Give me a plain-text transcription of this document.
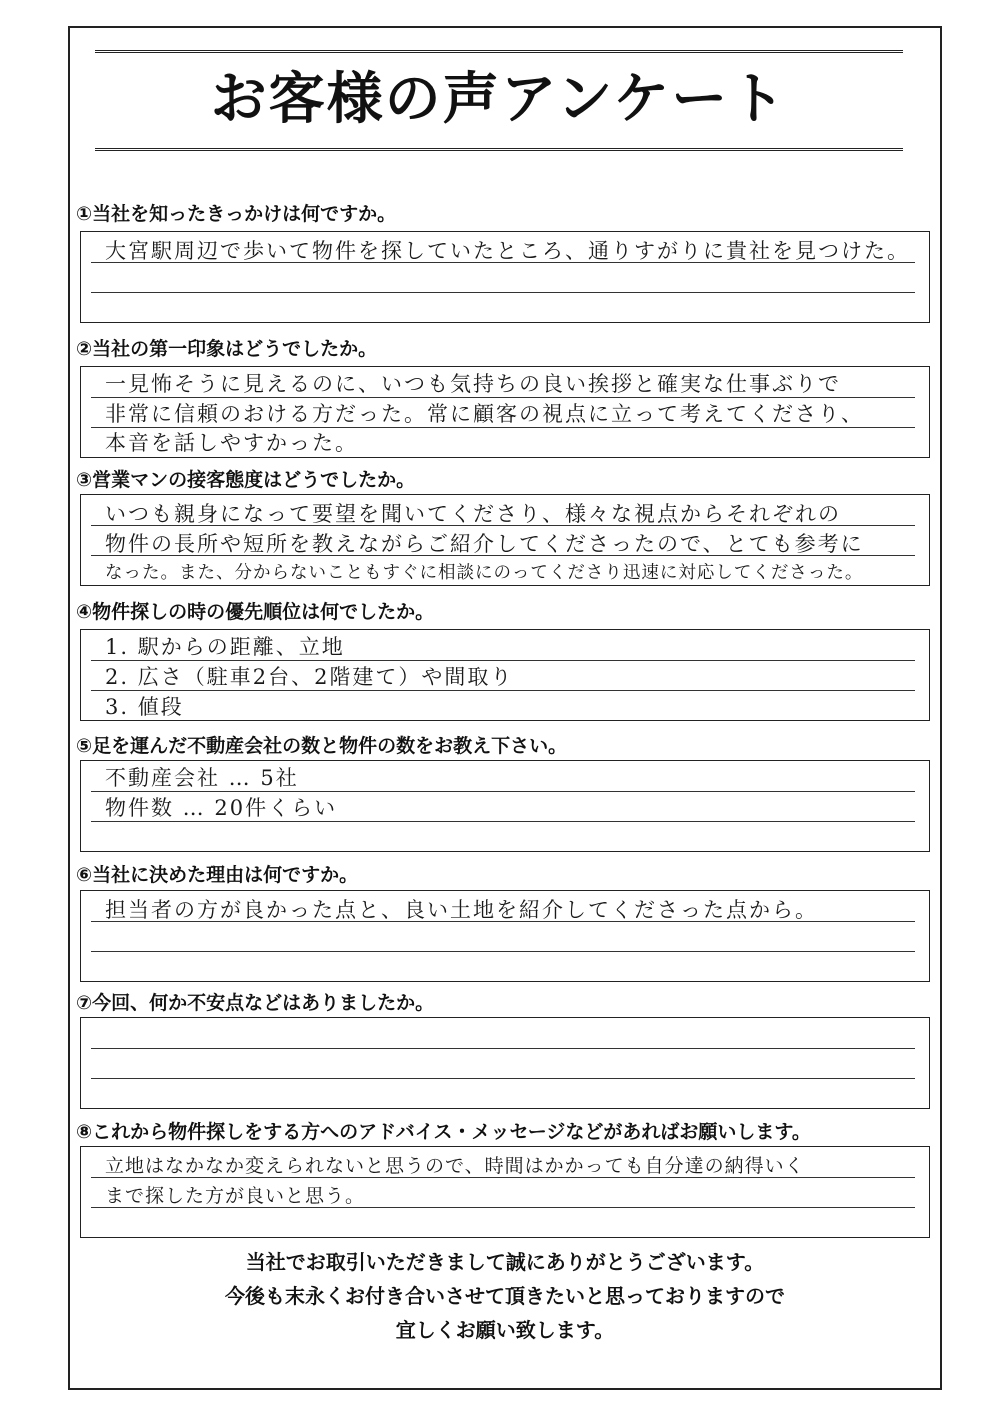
お客様の声アンケート
①当社を知ったきっかけは何ですか。
大宮駅周辺で歩いて物件を探していたところ、通りすがりに貴社を見つけた。
②当社の第一印象はどうでしたか。
一見怖そうに見えるのに、いつも気持ちの良い挨拶と確実な仕事ぶりで
非常に信頼のおける方だった。常に顧客の視点に立って考えてくださり、
本音を話しやすかった。
③営業マンの接客態度はどうでしたか。
いつも親身になって要望を聞いてくださり、様々な視点からそれぞれの
物件の長所や短所を教えながらご紹介してくださったので、とても参考に
なった。また、分からないこともすぐに相談にのってくださり迅速に対応してくださった。
④物件探しの時の優先順位は何でしたか。
1. 駅からの距離、立地
2. 広さ（駐車2台、2階建て）や間取り
3. 値段
⑤足を運んだ不動産会社の数と物件の数をお教え下さい。
不動産会社 … 5社
物件数 … 20件くらい
⑥当社に決めた理由は何ですか。
担当者の方が良かった点と、良い土地を紹介してくださった点から。
⑦今回、何か不安点などはありましたか。
⑧これから物件探しをする方へのアドバイス・メッセージなどがあればお願いします。
立地はなかなか変えられないと思うので、時間はかかっても自分達の納得いく
まで探した方が良いと思う。
当社でお取引いただきまして誠にありがとうございます。
今後も末永くお付き合いさせて頂きたいと思っておりますので
宜しくお願い致します。
